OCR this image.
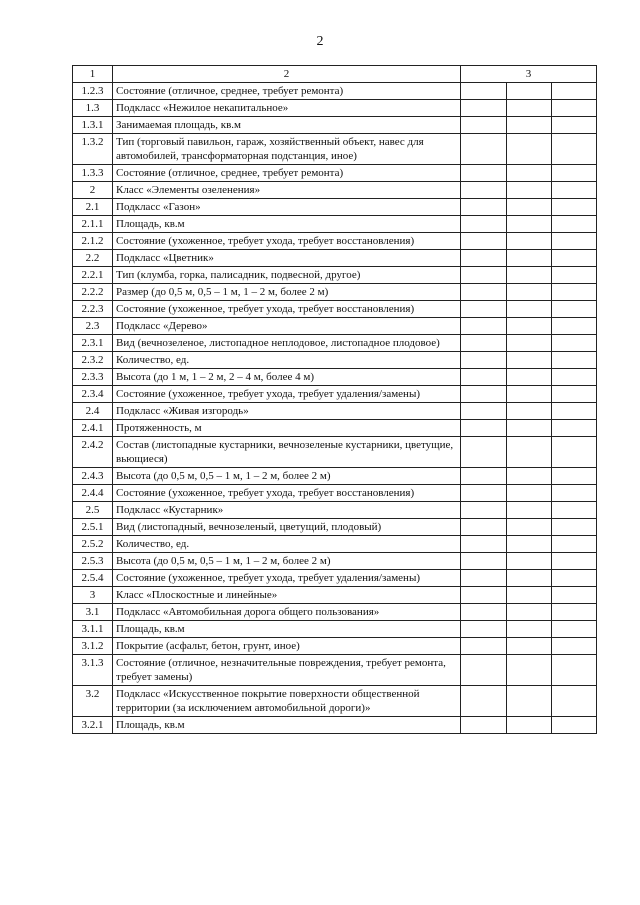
2
1	2	3		
1.2.3	Состояние (отличное, среднее, требует ремонта)			
1.3	Подкласс «Нежилое некапитальное»			
1.3.1	Занимаемая площадь, кв.м			
1.3.2	Тип (торговый павильон, гараж, хозяйственный объект, навес для автомобилей, трансформаторная подстанция, иное)			
1.3.3	Состояние (отличное, среднее, требует ремонта)			
2	Класс «Элементы озеленения»			
2.1	Подкласс «Газон»			
2.1.1	Площадь, кв.м			
2.1.2	Состояние (ухоженное, требует ухода, требует восстановления)			
2.2	Подкласс «Цветник»			
2.2.1	Тип (клумба, горка, палисадник, подвесной, другое)			
2.2.2	Размер (до 0,5 м, 0,5 – 1 м, 1 – 2 м, более 2 м)			
2.2.3	Состояние (ухоженное, требует ухода, требует восстановления)			
2.3	Подкласс «Дерево»			
2.3.1	Вид (вечнозеленое, листопадное неплодовое, листопадное плодовое)			
2.3.2	Количество, ед.			
2.3.3	Высота (до 1 м, 1 – 2 м, 2 – 4 м, более 4 м)			
2.3.4	Состояние (ухоженное, требует ухода, требует удаления/замены)			
2.4	Подкласс «Живая изгородь»			
2.4.1	Протяженность, м			
2.4.2	Состав (листопадные кустарники, вечнозеленые кустарники, цветущие, вьющиеся)			
2.4.3	Высота (до 0,5 м, 0,5 – 1 м, 1 – 2 м, более 2 м)			
2.4.4	Состояние (ухоженное, требует ухода, требует восстановления)			
2.5	Подкласс «Кустарник»			
2.5.1	Вид (листопадный, вечнозеленый, цветущий, плодовый)			
2.5.2	Количество, ед.			
2.5.3	Высота (до 0,5 м, 0,5 – 1 м, 1 – 2 м, более 2 м)			
2.5.4	Состояние (ухоженное, требует ухода, требует удаления/замены)			
3	Класс «Плоскостные и линейные»			
3.1	Подкласс «Автомобильная дорога общего пользования»			
3.1.1	Площадь, кв.м			
3.1.2	Покрытие (асфальт, бетон, грунт, иное)			
3.1.3	Состояние (отличное, незначительные повреждения, требует ремонта, требует замены)			
3.2	Подкласс «Искусственное покрытие поверхности общественной территории (за исключением автомобильной дороги)»			
3.2.1	Площадь, кв.м			
